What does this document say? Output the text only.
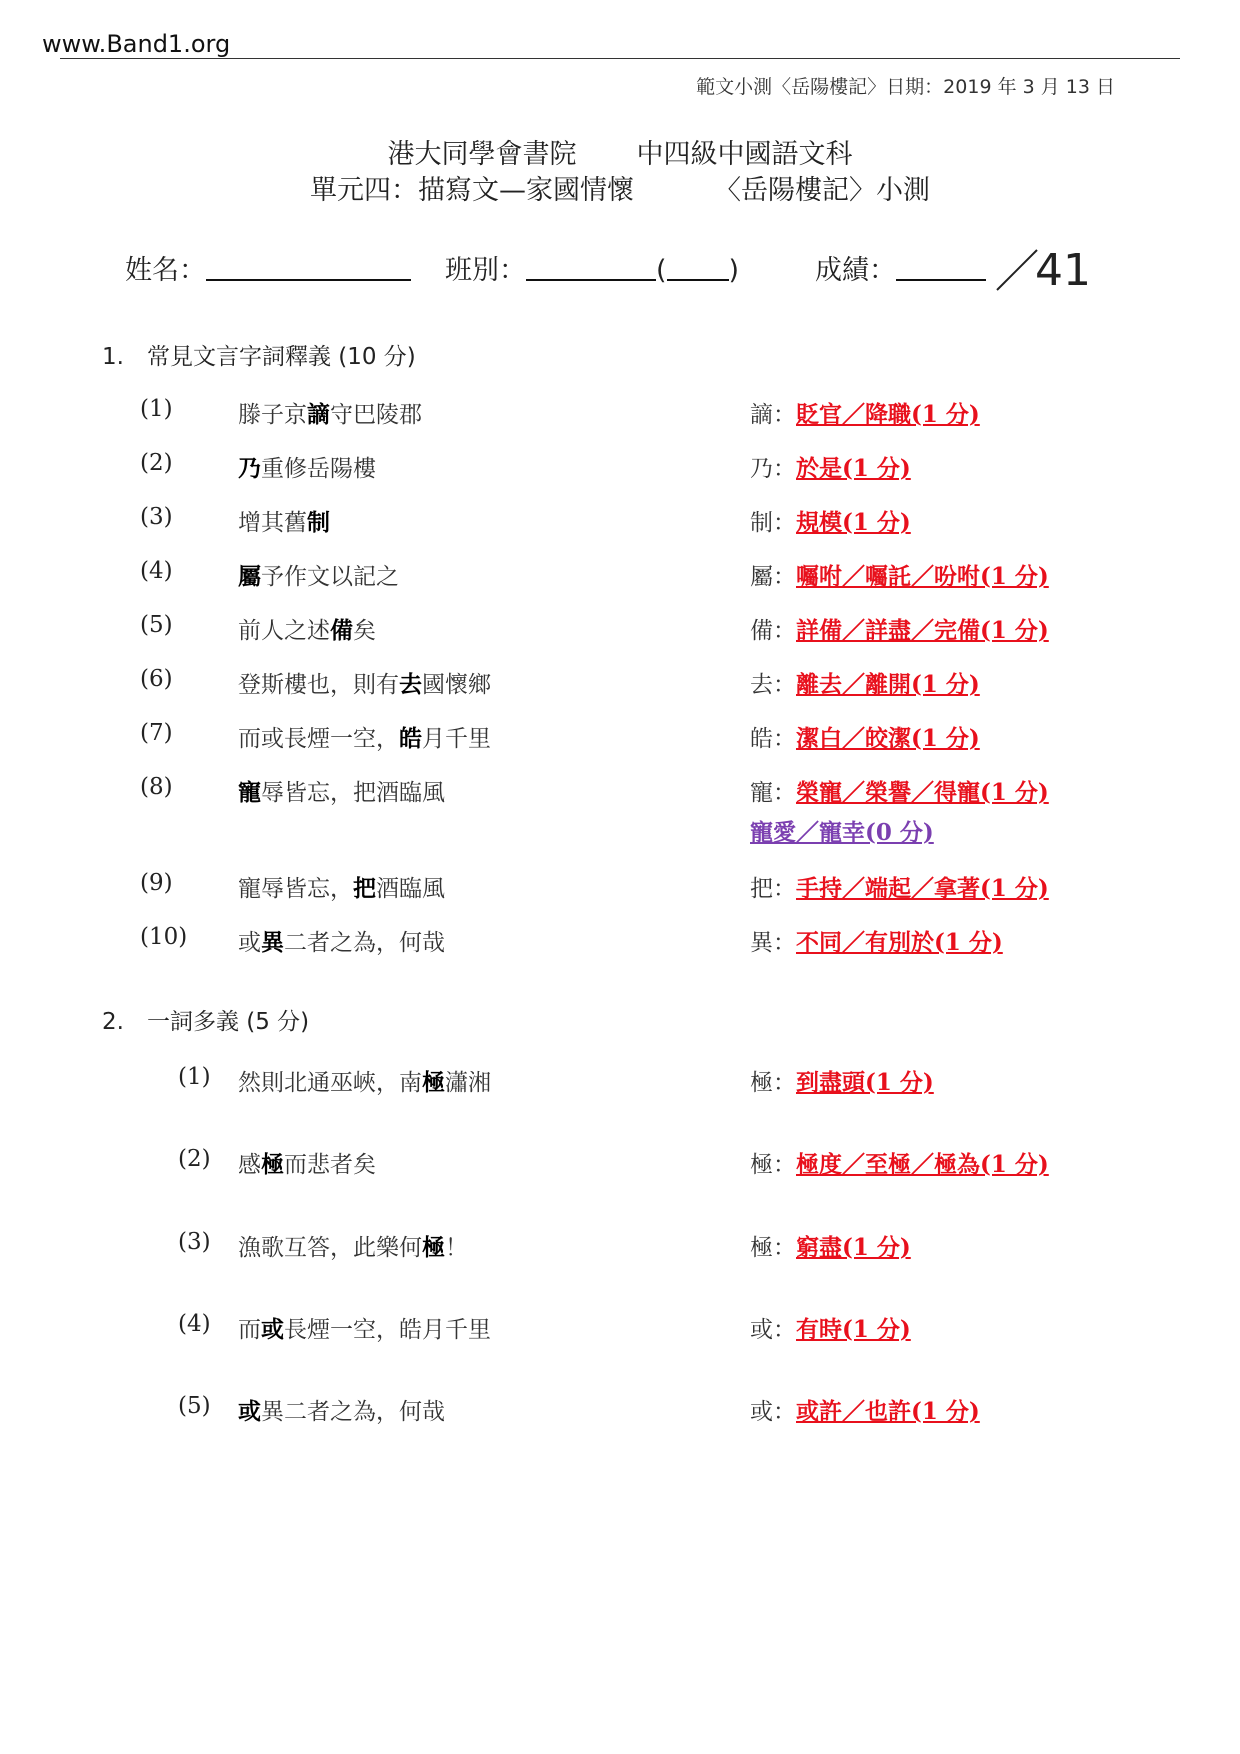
www.Band1.org
範文小測〈岳陽樓記〉日期：2019 年 3 月 13 日
港大同學會書院 中四級中國語文科
單元四：描寫文—家國情懷	〈岳陽樓記〉小測
姓名：	班別：	( )	成績：	41
1.　常見文言字詞釋義 (10 分)
(1)	滕子京謫守巴陵郡	謫：貶官／降職(1 分)
(2)	乃重修岳陽樓	乃：於是(1 分)
(3)	增其舊制	制：規模(1 分)
(4)	屬予作文以記之	屬：囑咐／囑託／吩咐(1 分)
(5)	前人之述備矣	備：詳備／詳盡／完備(1 分)
(6)	登斯樓也，則有去國懷鄉	去：離去／離開(1 分)
(7)	而或長煙一空，皓月千里	皓：潔白／皎潔(1 分)
(8)	寵辱皆忘，把酒臨風	寵：榮寵／榮譽／得寵(1 分)
寵愛／寵幸(0 分)
(9)	寵辱皆忘，把酒臨風	把：手持／端起／拿著(1 分)
(10) 或異二者之為，何哉	異：不同／有別於(1 分)
2.　一詞多義 (5 分)
(1) 然則北通巫峽，南極瀟湘	極：到盡頭(1 分)
(2) 感極而悲者矣	極：極度／至極／極為(1 分)
(3) 漁歌互答，此樂何極！	極：窮盡(1 分)
(4) 而或長煙一空，皓月千里	或：有時(1 分)
(5) 或異二者之為，何哉	或：或許／也許(1 分)
